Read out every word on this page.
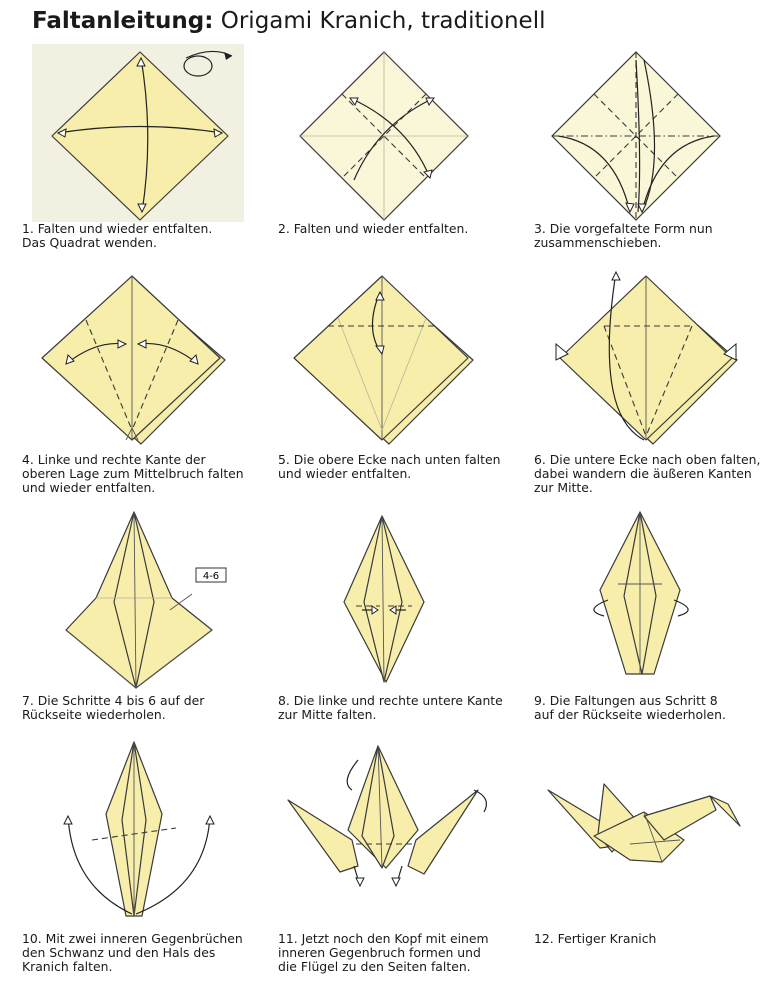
Faltanleitung: Origami Kranich, traditionell
1. Falten und wieder entfalten.
Das Quadrat wenden.
2. Falten und wieder entfalten.	3. Die vorgefaltete Form nun
zusammenschieben.
4. Linke und rechte Kante der
oberen Lage zum Mittelbruch falten
und wieder entfalten.
5. Die obere Ecke nach unten falten
und wieder entfalten.
6. Die untere Ecke nach oben falten,
dabei wandern die äußeren Kanten
zur Mitte.
4-6
7. Die Schritte 4 bis 6 auf der
Rückseite wiederholen.
8. Die linke und rechte untere Kante
zur Mitte falten.
9. Die Faltungen aus Schritt 8
auf der Rückseite wiederholen.
10. Mit zwei inneren Gegenbrüchen
den Schwanz und den Hals des
Kranich falten.
11. Jetzt noch den Kopf mit einem
inneren Gegenbruch formen und
die Flügel zu den Seiten falten.
12. Fertiger Kranich
